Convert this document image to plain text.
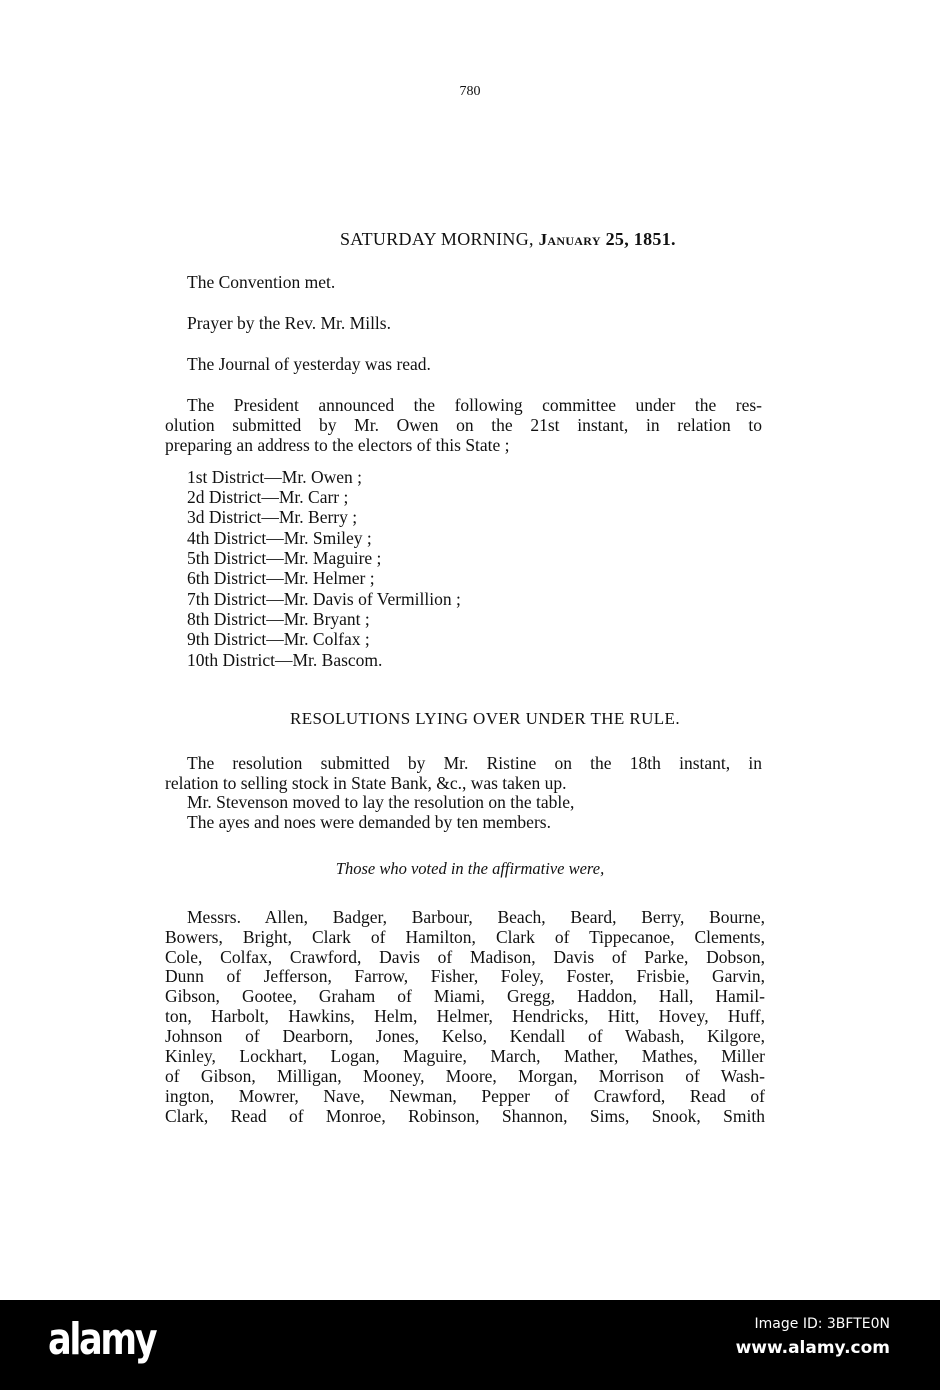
780
SATURDAY MORNING, January 25, 1851.
The Convention met.
Prayer by the Rev. Mr. Mills.
The Journal of yesterday was read.
The President announced the following committee under the res-
olution submitted by Mr. Owen on the 21st instant, in relation to
preparing an address to the electors of this State ;
1st District—Mr. Owen ;
2d District—Mr. Carr ;
3d District—Mr. Berry ;
4th District—Mr. Smiley ;
5th District—Mr. Maguire ;
6th District—Mr. Helmer ;
7th District—Mr. Davis of Vermillion ;
8th District—Mr. Bryant ;
9th District—Mr. Colfax ;
10th District—Mr. Bascom.
RESOLUTIONS LYING OVER UNDER THE RULE.
The resolution submitted by Mr. Ristine on the 18th instant, in
relation to selling stock in State Bank, &c., was taken up.
Mr. Stevenson moved to lay the resolution on the table,
The ayes and noes were demanded by ten members.
Those who voted in the affirmative were,
Messrs. Allen, Badger, Barbour, Beach, Beard, Berry, Bourne,
Bowers, Bright, Clark of Hamilton, Clark of Tippecanoe, Clements,
Cole, Colfax, Crawford, Davis of Madison, Davis of Parke, Dobson,
Dunn of Jefferson, Farrow, Fisher, Foley, Foster, Frisbie, Garvin,
Gibson, Gootee, Graham of Miami, Gregg, Haddon, Hall, Hamil-
ton, Harbolt, Hawkins, Helm, Helmer, Hendricks, Hitt, Hovey, Huff,
Johnson of Dearborn, Jones, Kelso, Kendall of Wabash, Kilgore,
Kinley, Lockhart, Logan, Maguire, March, Mather, Mathes, Miller
of Gibson, Milligan, Mooney, Moore, Morgan, Morrison of Wash-
ington, Mowrer, Nave, Newman, Pepper of Crawford, Read of
Clark, Read of Monroe, Robinson, Shannon, Sims, Snook, Smith
alamy	Image ID: 3BFTE0N
www.alamy.com
